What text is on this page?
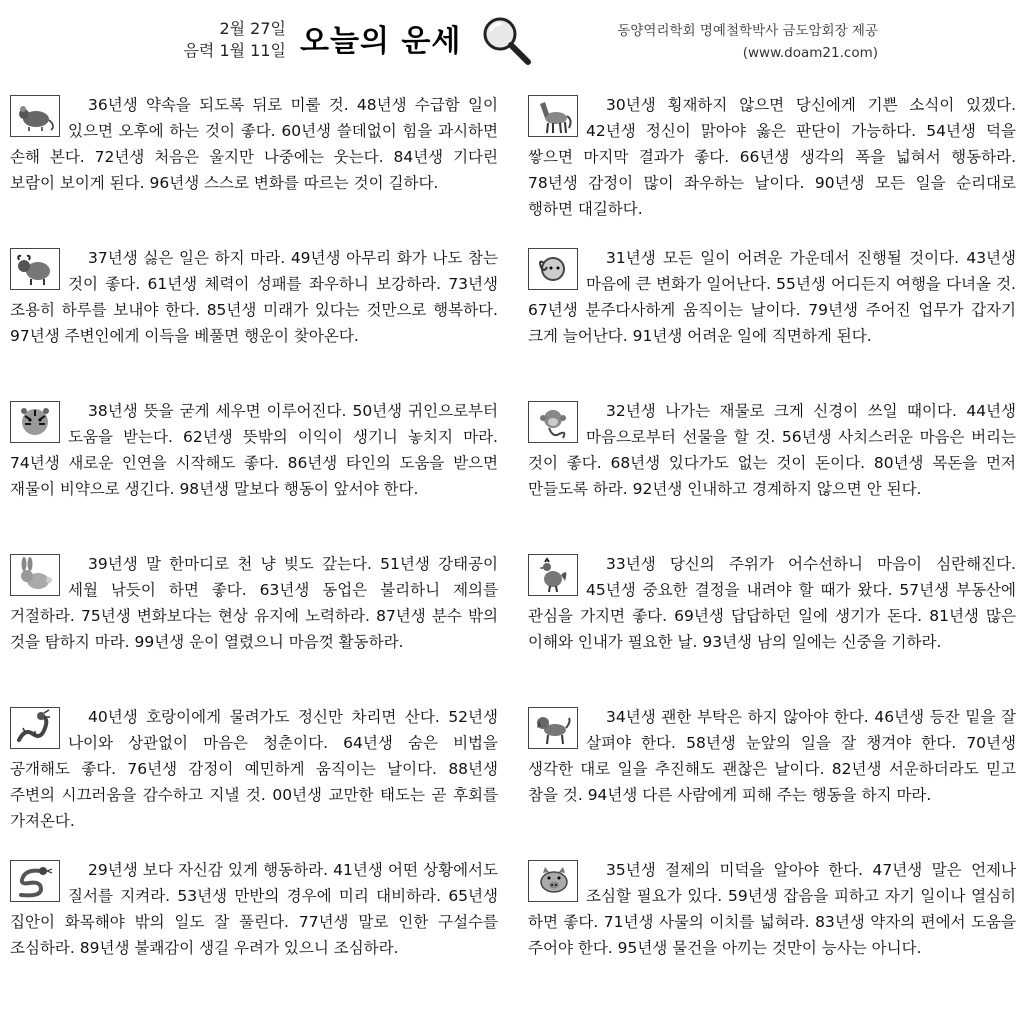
2월 27일
음력 1월 11일 오늘의 운세	동양역리학회 명예철학박사 금도암회장 제공
(www.doam21.com)

36년생 약속을 되도록 뒤로 미룰 것. 48년생 수급함 일이 있으면 오후에 하는 것이 좋다. 60년생 쓸데없이 힘을 과시하면 손해 본다. 72년생 처음은 울지만 나중에는 웃는다. 84년생 기다린 보람이 보이게 된다. 96년생 스스로 변화를 따르는 것이 길하다.

37년생 싫은 일은 하지 마라. 49년생 아무리 화가 나도 참는 것이 좋다. 61년생 체력이 성패를 좌우하니 보강하라. 73년생 조용히 하루를 보내야 한다. 85년생 미래가 있다는 것만으로 행복하다. 97년생 주변인에게 이득을 베풀면 행운이 찾아온다.

38년생 뜻을 굳게 세우면 이루어진다. 50년생 귀인으로부터 도움을 받는다. 62년생 뜻밖의 이익이 생기니 놓치지 마라. 74년생 새로운 인연을 시작해도 좋다. 86년생 타인의 도움을 받으면 재물이 비약으로 생긴다. 98년생 말보다 행동이 앞서야 한다.

39년생 말 한마디로 천 냥 빚도 갚는다. 51년생 강태공이 세월 낚듯이 하면 좋다. 63년생 동업은 불리하니 제의를 거절하라. 75년생 변화보다는 현상 유지에 노력하라. 87년생 분수 밖의 것을 탐하지 마라. 99년생 운이 열렸으니 마음껏 활동하라.

40년생 호랑이에게 물려가도 정신만 차리면 산다. 52년생 나이와 상관없이 마음은 청춘이다. 64년생 숨은 비법을 공개해도 좋다. 76년생 감정이 예민하게 움직이는 날이다. 88년생 주변의 시끄러움을 감수하고 지낼 것. 00년생 교만한 태도는 곧 후회를 가져온다.

29년생 보다 자신감 있게 행동하라. 41년생 어떤 상황에서도 질서를 지켜라. 53년생 만반의 경우에 미리 대비하라. 65년생 집안이 화목해야 밖의 일도 잘 풀린다. 77년생 말로 인한 구설수를 조심하라. 89년생 불쾌감이 생길 우려가 있으니 조심하라.

30년생 횡재하지 않으면 당신에게 기쁜 소식이 있겠다. 42년생 정신이 맑아야 옳은 판단이 가능하다. 54년생 덕을 쌓으면 마지막 결과가 좋다. 66년생 생각의 폭을 넓혀서 행동하라. 78년생 감정이 많이 좌우하는 날이다. 90년생 모든 일을 순리대로 행하면 대길하다.

31년생 모든 일이 어려운 가운데서 진행될 것이다. 43년생 마음에 큰 변화가 일어난다. 55년생 어디든지 여행을 다녀올 것. 67년생 분주다사하게 움직이는 날이다. 79년생 주어진 업무가 갑자기 크게 늘어난다. 91년생 어려운 일에 직면하게 된다.

32년생 나가는 재물로 크게 신경이 쓰일 때이다. 44년생 마음으로부터 선물을 할 것. 56년생 사치스러운 마음은 버리는 것이 좋다. 68년생 있다가도 없는 것이 돈이다. 80년생 목돈을 먼저 만들도록 하라. 92년생 인내하고 경계하지 않으면 안 된다.

33년생 당신의 주위가 어수선하니 마음이 심란해진다. 45년생 중요한 결정을 내려야 할 때가 왔다. 57년생 부동산에 관심을 가지면 좋다. 69년생 답답하던 일에 생기가 돈다. 81년생 많은 이해와 인내가 필요한 날. 93년생 남의 일에는 신중을 기하라.

34년생 괜한 부탁은 하지 않아야 한다. 46년생 등잔 밑을 잘 살펴야 한다. 58년생 눈앞의 일을 잘 챙겨야 한다. 70년생 생각한 대로 일을 추진해도 괜찮은 날이다. 82년생 서운하더라도 믿고 참을 것. 94년생 다른 사람에게 피해 주는 행동을 하지 마라.

35년생 절제의 미덕을 알아야 한다. 47년생 말은 언제나 조심할 필요가 있다. 59년생 잡음을 피하고 자기 일이나 열심히 하면 좋다. 71년생 사물의 이치를 넓혀라. 83년생 약자의 편에서 도움을 주어야 한다. 95년생 물건을 아끼는 것만이 능사는 아니다.
